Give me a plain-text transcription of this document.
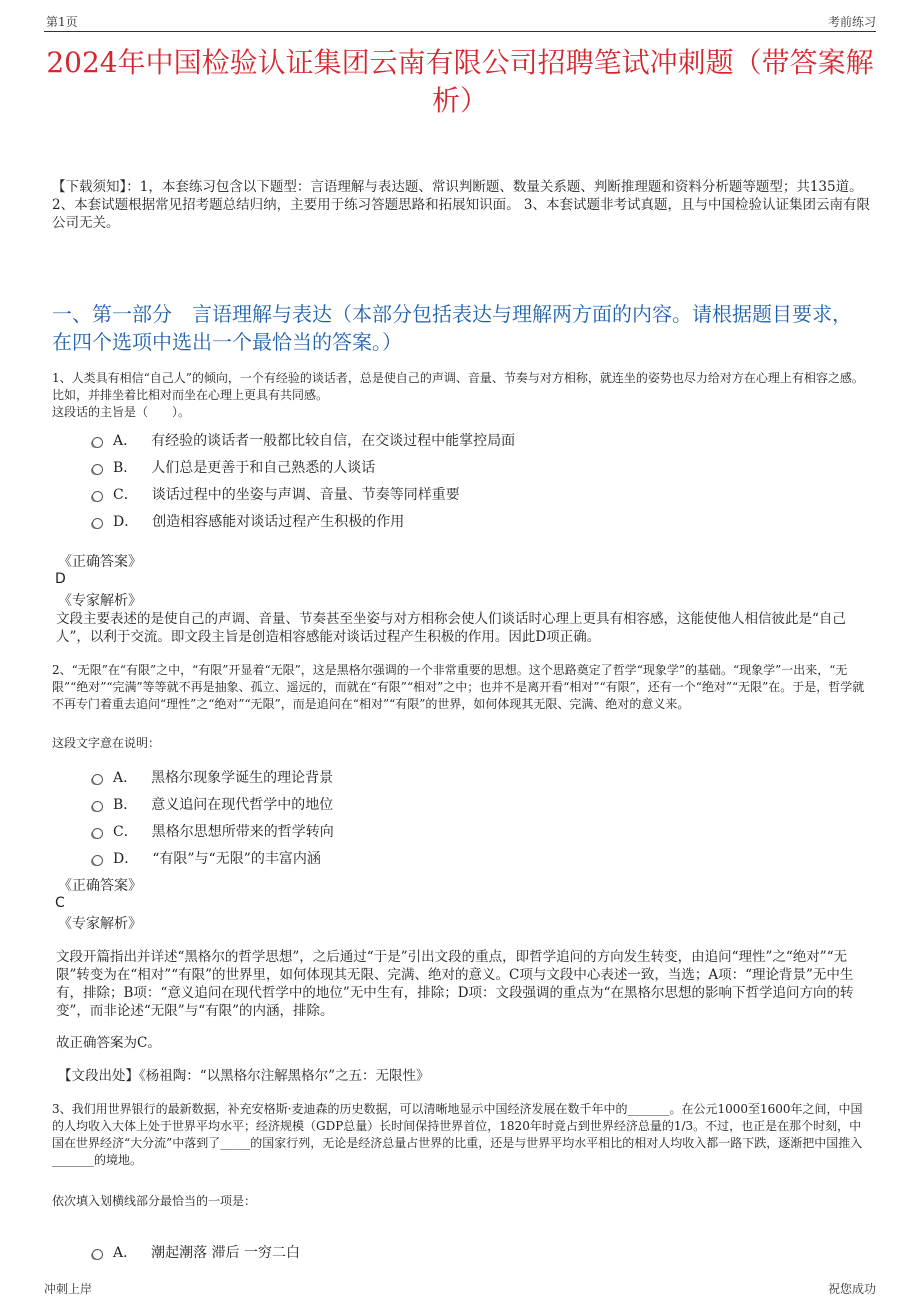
第1页	考前练习
2024年中国检验认证集团云南有限公司招聘笔试冲刺题（带答案解析）

【下载须知】：1，本套练习包含以下题型：言语理解与表达题、常识判断题、数量关系题、判断推理题和资料分析题等题型；共135道。 2、本套试题根据常见招考题总结归纳，主要用于练习答题思路和拓展知识面。 3、本套试题非考试真题，且与中国检验认证集团云南有限公司无关。

一、第一部分　言语理解与表达（本部分包括表达与理解两方面的内容。请根据题目要求，在四个选项中选出一个最恰当的答案。）

1、人类具有相信“自己人”的倾向，一个有经验的谈话者，总是使自己的声调、音量、节奏与对方相称，就连坐的姿势也尽力给对方在心理上有相容之感。比如，并排坐着比相对而坐在心理上更具有共同感。

这段话的主旨是（　　）。

A． 有经验的谈话者一般都比较自信，在交谈过程中能掌控局面
B． 人们总是更善于和自己熟悉的人谈话
C． 谈话过程中的坐姿与声调、音量、节奏等同样重要
D． 创造相容感能对谈话过程产生积极的作用

《正确答案》

D

《专家解析》

文段主要表述的是使自己的声调、音量、节奏甚至坐姿与对方相称会使人们谈话时心理上更具有相容感，这能使他人相信彼此是“自己人”，以利于交流。即文段主旨是创造相容感能对谈话过程产生积极的作用。因此D项正确。

2、“无限”在“有限”之中，“有限”开显着“无限”，这是黑格尔强调的一个非常重要的思想。这个思路奠定了哲学“现象学”的基础。“现象学”一出来，“无限”“绝对”“完满”等等就不再是抽象、孤立、遥远的，而就在“有限”“相对”之中；也并不是离开看“相对”“有限”，还有一个“绝对”“无限”在。于是，哲学就不再专门着重去追问“理性”之“绝对”“无限”，而是追问在“相对”“有限”的世界，如何体现其无限、完满、绝对的意义来。

这段文字意在说明：

A． 黑格尔现象学诞生的理论背景
B． 意义追问在现代哲学中的地位
C． 黑格尔思想所带来的哲学转向
D． “有限”与“无限”的丰富内涵

《正确答案》

C

《专家解析》

文段开篇指出并详述“黑格尔的哲学思想”，之后通过“于是”引出文段的重点，即哲学追问的方向发生转变，由追问“理性”之“绝对”“无限”转变为在“相对”“有限”的世界里，如何体现其无限、完满、绝对的意义。C项与文段中心表述一致，当选；A项：“理论背景”无中生有，排除；B项：“意义追问在现代哲学中的地位”无中生有，排除；D项：文段强调的重点为“在黑格尔思想的影响下哲学追问方向的转变”，而非论述“无限”与“有限”的内涵，排除。

故正确答案为C。

【文段出处】《杨祖陶：“以黑格尔注解黑格尔”之五：无限性》

3、我们用世界银行的最新数据，补充安格斯·麦迪森的历史数据，可以清晰地显示中国经济发展在数千年中的_______。在公元1000至1600年之间，中国的人均收入大体上处于世界平均水平；经济规模（GDP总量）长时间保持世界首位，1820年时竟占到世界经济总量的1/3。不过，也正是在那个时刻，中国在世界经济“大分流”中落到了_____的国家行列，无论是经济总量占世界的比重，还是与世界平均水平相比的相对人均收入都一路下跌，逐渐把中国推入_______的境地。

依次填入划横线部分最恰当的一项是：

A． 潮起潮落 滞后 一穷二白
冲刺上岸	祝您成功
